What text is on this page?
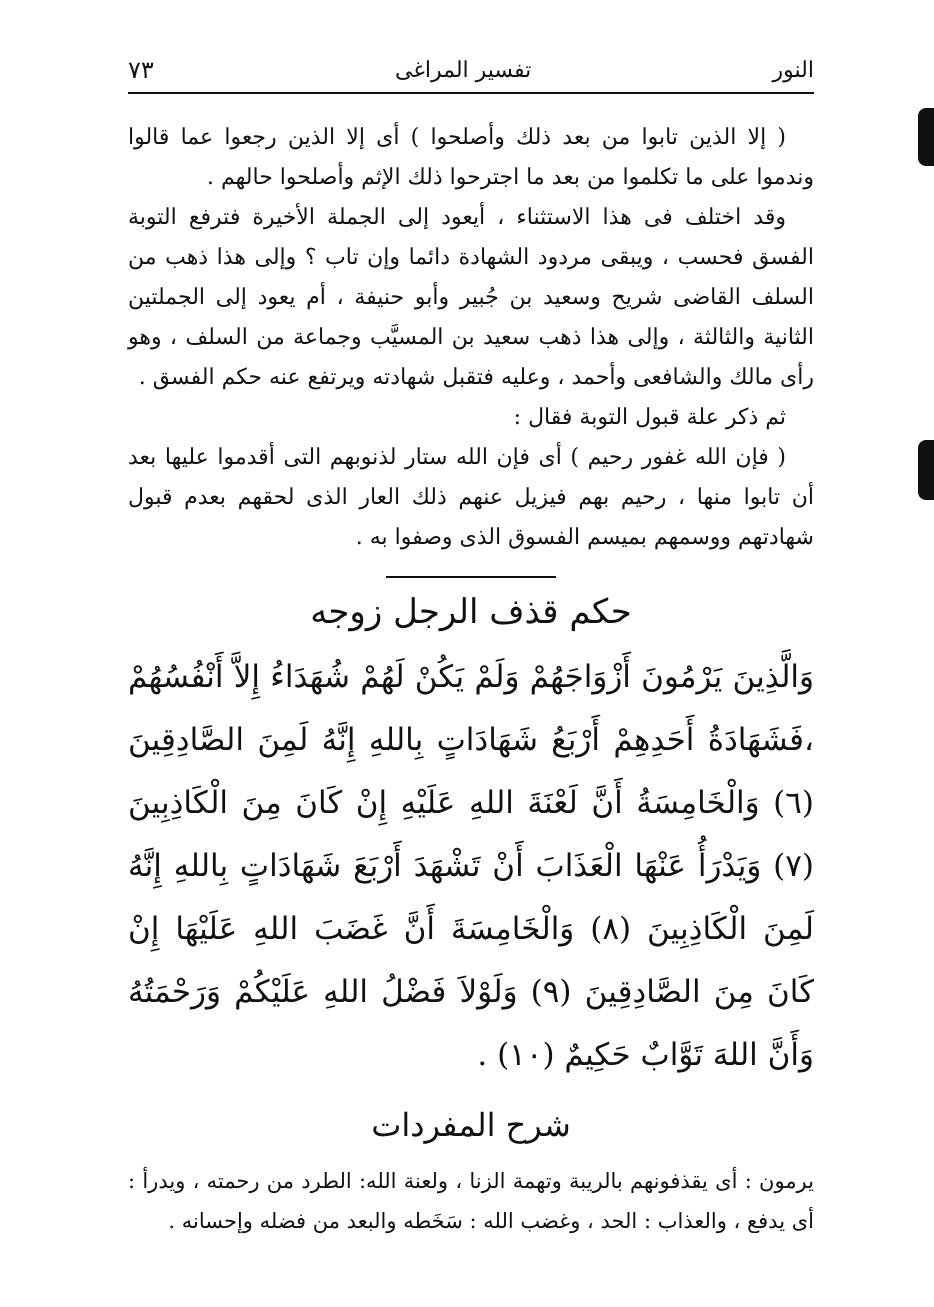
النور
تفسير المراغى
٧٣

( إلا الذين تابوا من بعد ذلك وأصلحوا ) أى إلا الذين رجعوا عما قالوا وندموا على ما تكلموا من بعد ما اجترحوا ذلك الإثم وأصلحوا حالهم .

وقد اختلف فى هذا الاستثناء ، أيعود إلى الجملة الأخيرة فترفع التوبة الفسق فحسب ، ويبقى مردود الشهادة دائما وإن تاب ؟ وإلى هذا ذهب من السلف القاضى شريح وسعيد بن جُبير وأبو حنيفة ، أم يعود إلى الجملتين الثانية والثالثة ، وإلى هذا ذهب سعيد بن المسيَّب وجماعة من السلف ، وهو رأى مالك والشافعى وأحمد ، وعليه فتقبل شهادته ويرتفع عنه حكم الفسق .

ثم ذكر علة قبول التوبة فقال :

( فإن الله غفور رحيم ) أى فإن الله ستار لذنوبهم التى أقدموا عليها بعد أن تابوا منها ، رحيم بهم فيزيل عنهم ذلك العار الذى لحقهم بعدم قبول شهادتهم ووسمهم بميسم الفسوق الذى وصفوا به .

حكم قذف الرجل زوجه

وَالَّذِينَ يَرْمُونَ أَزْوَاجَهُمْ وَلَمْ يَكُنْ لَهُمْ شُهَدَاءُ إِلاَّ أَنْفُسُهُمْ ،فَشَهَادَةُ أَحَدِهِمْ أَرْبَعُ شَهَادَاتٍ بِاللهِ إِنَّهُ لَمِنَ الصَّادِقِينَ (٦) وَالْخَامِسَةُ أَنَّ لَعْنَةَ اللهِ عَلَيْهِ إِنْ كَانَ مِنَ الْكَاذِبِينَ (٧) وَيَدْرَأُ عَنْهَا الْعَذَابَ أَنْ تَشْهَدَ أَرْبَعَ شَهَادَاتٍ بِاللهِ إِنَّهُ لَمِنَ الْكَاذِبِينَ (٨) وَالْخَامِسَةَ أَنَّ غَضَبَ اللهِ عَلَيْهَا إِنْ كَانَ مِنَ الصَّادِقِينَ (٩) وَلَوْلاَ فَضْلُ اللهِ عَلَيْكُمْ وَرَحْمَتُهُ وَأَنَّ اللهَ تَوَّابٌ حَكِيمٌ (١٠) .

شرح المفردات

يرمون : أى يقذفونهم بالريبة وتهمة الزنا ، ولعنة الله: الطرد من رحمته ، ويدرأ : أى يدفع ، والعذاب : الحد ، وغضب الله : سَخَطه والبعد من فضله وإحسانه .
